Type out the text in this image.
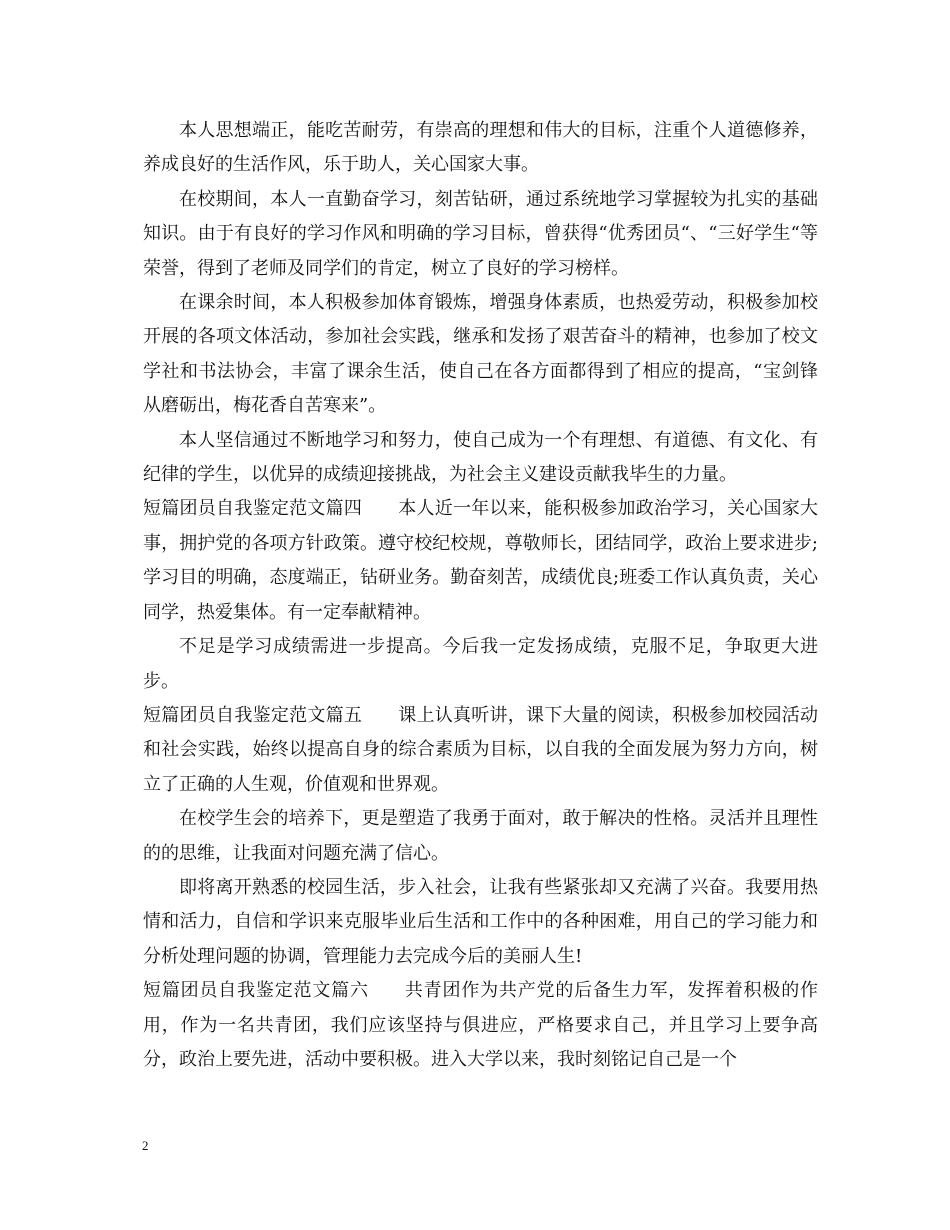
本人思想端正，能吃苦耐劳，有崇高的理想和伟大的目标，注重个人道德修养，养成良好的生活作风，乐于助人，关心国家大事。

在校期间，本人一直勤奋学习，刻苦钻研，通过系统地学习掌握较为扎实的基础知识。由于有良好的学习作风和明确的学习目标，曾获得“优秀团员“、“三好学生“等荣誉，得到了老师及同学们的肯定，树立了良好的学习榜样。

在课余时间，本人积极参加体育锻炼，增强身体素质，也热爱劳动，积极参加校开展的各项文体活动，参加社会实践，继承和发扬了艰苦奋斗的精神，也参加了校文学社和书法协会，丰富了课余生活，使自己在各方面都得到了相应的提高，“宝剑锋从磨砺出，梅花香自苦寒来”。

本人坚信通过不断地学习和努力，使自己成为一个有理想、有道德、有文化、有纪律的学生，以优异的成绩迎接挑战，为社会主义建设贡献我毕生的力量。

短篇团员自我鉴定范文篇四 本人近一年以来，能积极参加政治学习，关心国家大事，拥护党的各项方针政策。遵守校纪校规，尊敬师长，团结同学，政治上要求进步;学习目的明确，态度端正，钻研业务。勤奋刻苦，成绩优良;班委工作认真负责，关心同学，热爱集体。有一定奉献精神。

不足是学习成绩需进一步提高。今后我一定发扬成绩，克服不足，争取更大进步。

短篇团员自我鉴定范文篇五 课上认真听讲，课下大量的阅读，积极参加校园活动和社会实践，始终以提高自身的综合素质为目标，以自我的全面发展为努力方向，树立了正确的人生观，价值观和世界观。

在校学生会的培养下，更是塑造了我勇于面对，敢于解决的性格。灵活并且理性的的思维，让我面对问题充满了信心。

即将离开熟悉的校园生活，步入社会，让我有些紧张却又充满了兴奋。我要用热情和活力，自信和学识来克服毕业后生活和工作中的各种困难，用自己的学习能力和分析处理问题的协调，管理能力去完成今后的美丽人生!

短篇团员自我鉴定范文篇六 共青团作为共产党的后备生力军，发挥着积极的作用，作为一名共青团，我们应该坚持与俱进应，严格要求自己，并且学习上要争高分，政治上要先进，活动中要积极。进入大学以来，我时刻铭记自己是一个

2
